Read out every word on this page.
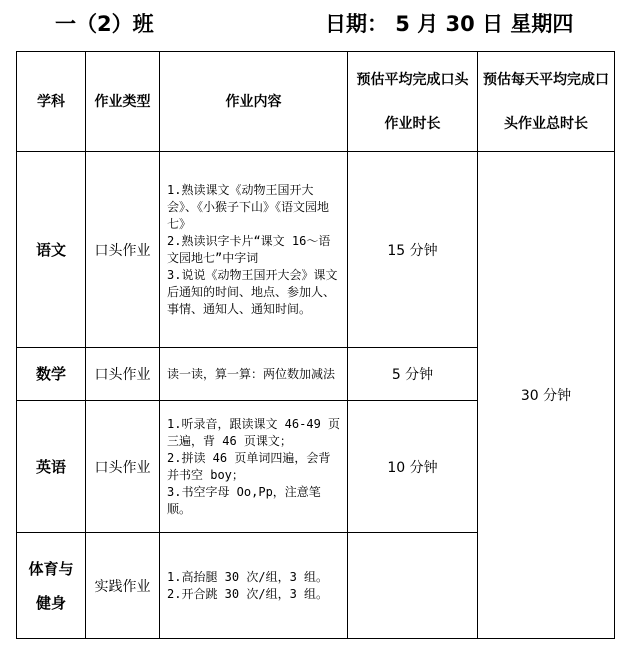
一（2）班	日期： 5 月 30 日 星期四
学科	作业类型	作业内容	预估平均完成口头作业时长	预估每天平均完成口头作业总时长
语文	口头作业	1.熟读课文《动物王国开大会》、《小猴子下山》《语文园地七》
2.熟读识字卡片“课文 16～语文园地七”中字词
3.说说《动物王国开大会》课文后通知的时间、地点、参加人、事情、通知人、通知时间。	15 分钟	30 分钟
数学	口头作业	读一读，算一算：两位数加减法	5 分钟	
英语	口头作业	1.听录音，跟读课文 46-49 页三遍，背 46 页课文；
2.拼读 46 页单词四遍，会背并书空 boy；
3.书空字母 Oo,Pp，注意笔顺。	10 分钟	
体育与健身	实践作业	1.高抬腿 30 次/组，3 组。
2.开合跳 30 次/组，3 组。		
